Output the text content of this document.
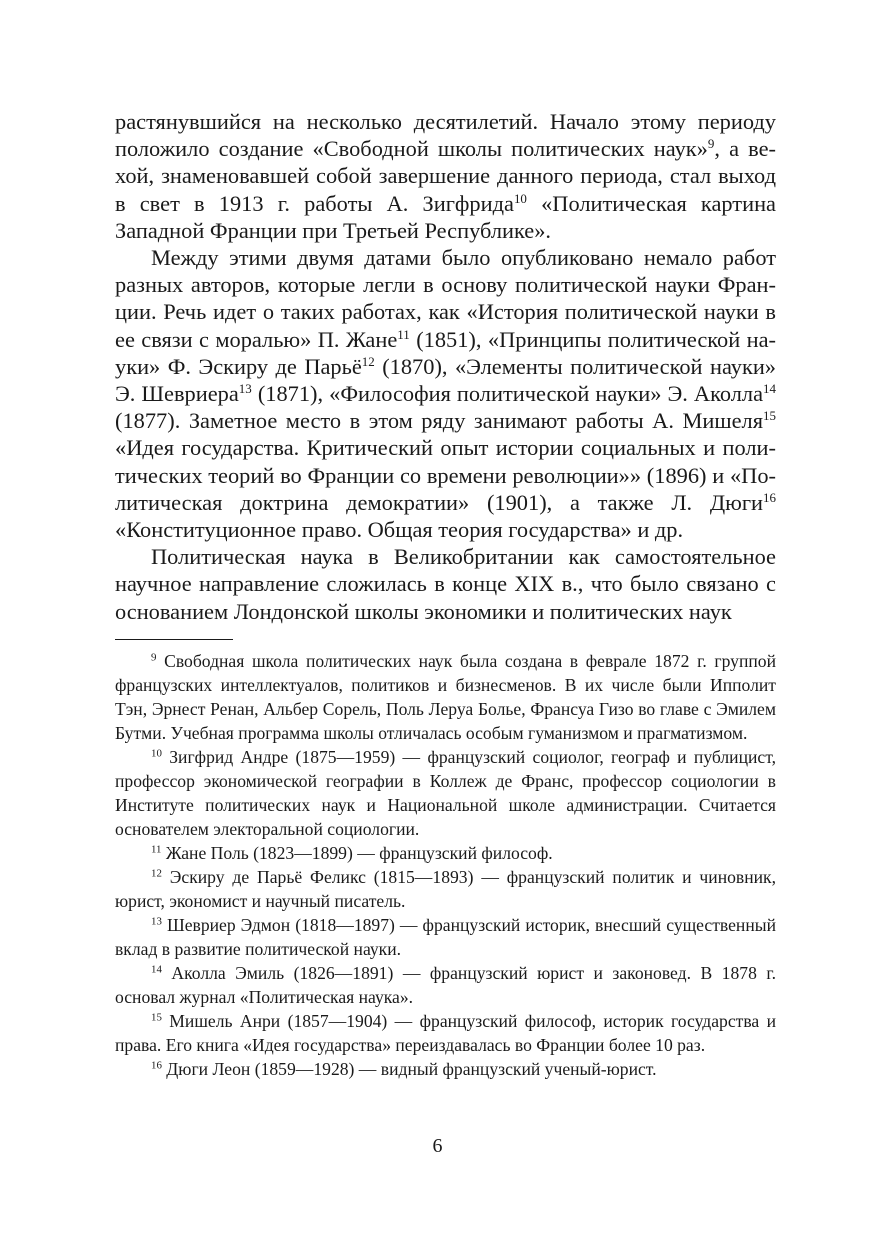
растянувшийся на несколько десятилетий. Начало этому периоду положило создание «Свободной школы политических наук»$^9$, а вехой, знаменовавшей собой завершение данного периода, стал выход в свет в 1913 г. работы А. Зигфрида$^{10}$ «Политическая картина Западной Франции при Третьей Республике».

Между этими двумя датами было опубликовано немало работ разных авторов, которые легли в основу политической науки Франции. Речь идет о таких работах, как «История политической науки в ее связи с моралью» П. Жане$^{11}$ (1851), «Принципы политической науки» Ф. Эскиру де Парьё$^{12}$ (1870), «Элементы политической науки» Э. Шевриера$^{13}$ (1871), «Философия политической науки» Э. Аколла$^{14}$ (1877). Заметное место в этом ряду занимают работы А. Мишеля$^{15}$ «Идея государства. Критический опыт истории социальных и политических теорий во Франции со времени революции»» (1896) и «Политическая доктрина демократии» (1901), а также Л. Дюги$^{16}$ «Конституционное право. Общая теория государства» и др.

Политическая наука в Великобритании как самостоятельное научное направление сложилась в конце XIX в., что было связано с основанием Лондонской школы экономики и политических наук

$^9$ Свободная школа политических наук была создана в феврале 1872 г. группой французских интеллектуалов, политиков и бизнесменов. В их числе были Ипполит Тэн, Эрнест Ренан, Альбер Сорель, Поль Леруа Болье, Франсуа Гизо во главе с Эмилем Бутми. Учебная программа школы отличалась особым гуманизмом и прагматизмом.

$^{10}$ Зигфрид Андре (1875—1959) — французский социолог, географ и публицист, профессор экономической географии в Коллеж де Франс, профессор социологии в Институте политических наук и Национальной школе администрации. Считается основателем электоральной социологии.

$^{11}$ Жане Поль (1823—1899) — французский философ.

$^{12}$ Эскиру де Парьё Феликс (1815—1893) — французский политик и чиновник, юрист, экономист и научный писатель.

$^{13}$ Шевриер Эдмон (1818—1897) — французский историк, внесший существенный вклад в развитие политической науки.

$^{14}$ Аколла Эмиль (1826—1891) — французский юрист и законовед. В 1878 г. основал журнал «Политическая наука».

$^{15}$ Мишель Анри (1857—1904) — французский философ, историк государства и права. Его книга «Идея государства» переиздавалась во Франции более 10 раз.

$^{16}$ Дюги Леон (1859—1928) — видный французский ученый-юрист.

6
